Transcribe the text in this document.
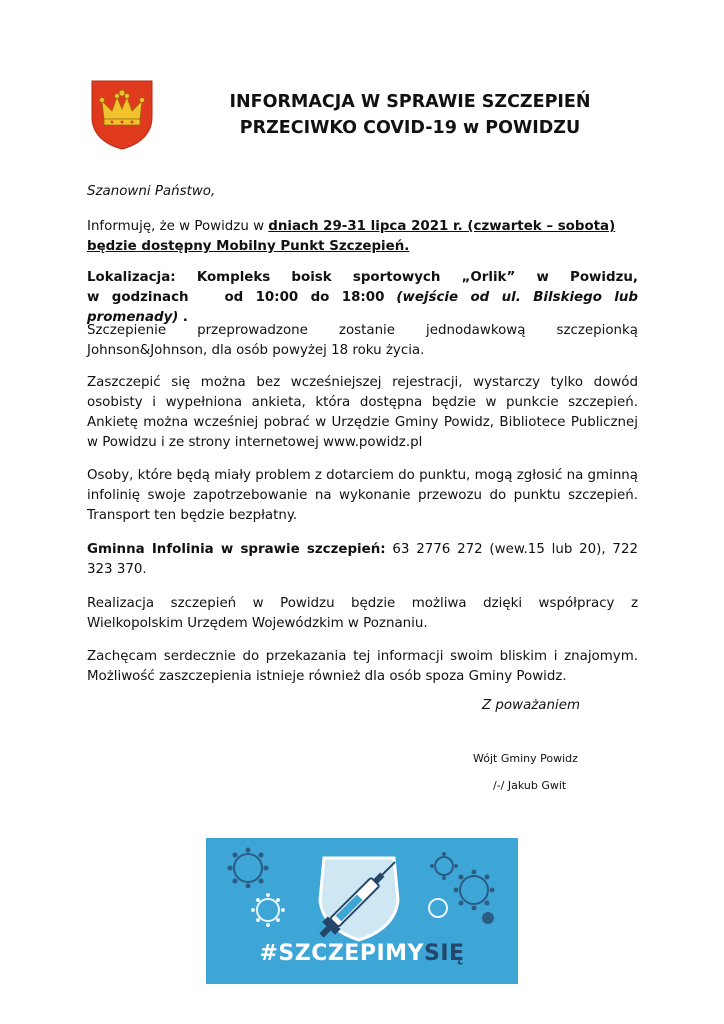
INFORMACJA W SPRAWIE SZCZEPIEŃ
PRZECIWKO COVID-19 w POWIDZU
Szanowni Państwo,
Informuję, że w Powidzu w dniach 29-31 lipca 2021 r. (czwartek – sobota)
będzie dostępny Mobilny Punkt Szczepień.
Lokalizacja: Kompleks boisk sportowych „Orlik” w Powidzu,
w godzinach	od 10:00 do 18:00 (wejście od ul. Bilskiego lub promenady) .
Szczepienie przeprowadzone zostanie jednodawkową szczepionką
Johnson&Johnson, dla osób powyżej 18 roku życia.
Zaszczepić się można bez wcześniejszej rejestracji, wystarczy tylko dowód osobisty i wypełniona ankieta, która dostępna będzie w punkcie szczepień. Ankietę można wcześniej pobrać w Urzędzie Gminy Powidz, Bibliotece Publicznej w Powidzu i ze strony internetowej www.powidz.pl
Osoby, które będą miały problem z dotarciem do punktu, mogą zgłosić na gminną infolinię swoje zapotrzebowanie na wykonanie przewozu do punktu szczepień. Transport ten będzie bezpłatny.
Gminna Infolinia w sprawie szczepień: 63 2776 272 (wew.15 lub 20), 722 323 370.
Realizacja szczepień w Powidzu będzie możliwa dzięki współpracy z Wielkopolskim Urzędem Wojewódzkim w Poznaniu.
Zachęcam serdecznie do przekazania tej informacji swoim bliskim i znajomym. Możliwość zaszczepienia istnieje również dla osób spoza Gminy Powidz.
Z poważaniem
Wójt Gminy Powidz
/-/ Jakub Gwit
#SZCZEPIMYSIĘ
